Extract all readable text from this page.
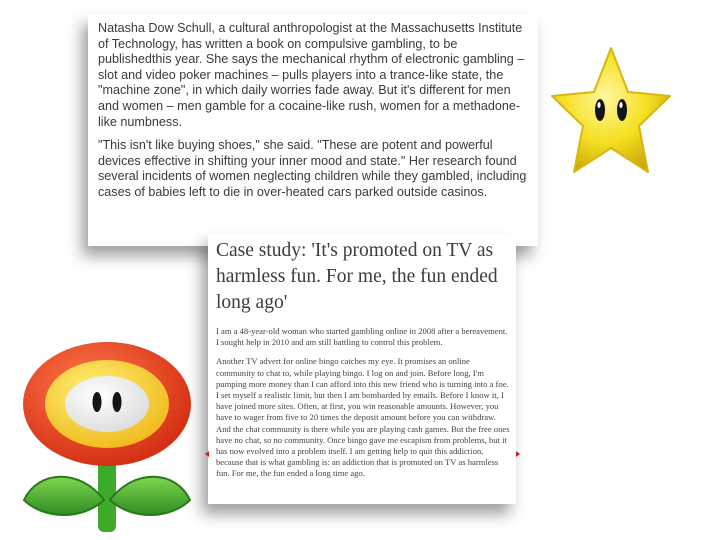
Natasha Dow Schull, a cultural anthropologist at the Massachusetts Institute of Technology, has written a book on compulsive gambling, to be publishedthis year. She says the mechanical rhythm of electronic gambling – slot and video poker machines – pulls players into a trance-like state, the "machine zone", in which daily worries fade away. But it's different for men and women – men gamble for a cocaine-like rush, women for a methadone-like numbness.

"This isn't like buying shoes," she said. "These are potent and powerful devices effective in shifting your inner mood and state." Her research found several incidents of women neglecting children while they gambled, including cases of babies left to die in over-heated cars parked outside casinos.

Case study: 'It's promoted on TV as harmless fun. For me, the fun ended long ago'

I am a 48-year-old woman who started gambling online in 2008 after a bereavement. I sought help in 2010 and am still battling to control this problem.

Another TV advert for online bingo catches my eye. It promises an online community to chat to, while playing bingo. I log on and join. Before long, I'm pumping more money than I can afford into this new friend who is turning into a foe. I set myself a realistic limit, but then I am bombarded by emails. Before I know it, I have joined more sites. Often, at first, you win reasonable amounts. However, you have to wager from five to 20 times the deposit amount before you can withdraw. And the chat community is there while you are playing cash games. But the free ones have no chat, so no community. Once bingo gave me escapism from problems, but it has now evolved into a problem itself. I am getting help to quit this addiction, because that is what gambling is: an addiction that is promoted on TV as harmless fun. For me, the fun ended a long time ago.
